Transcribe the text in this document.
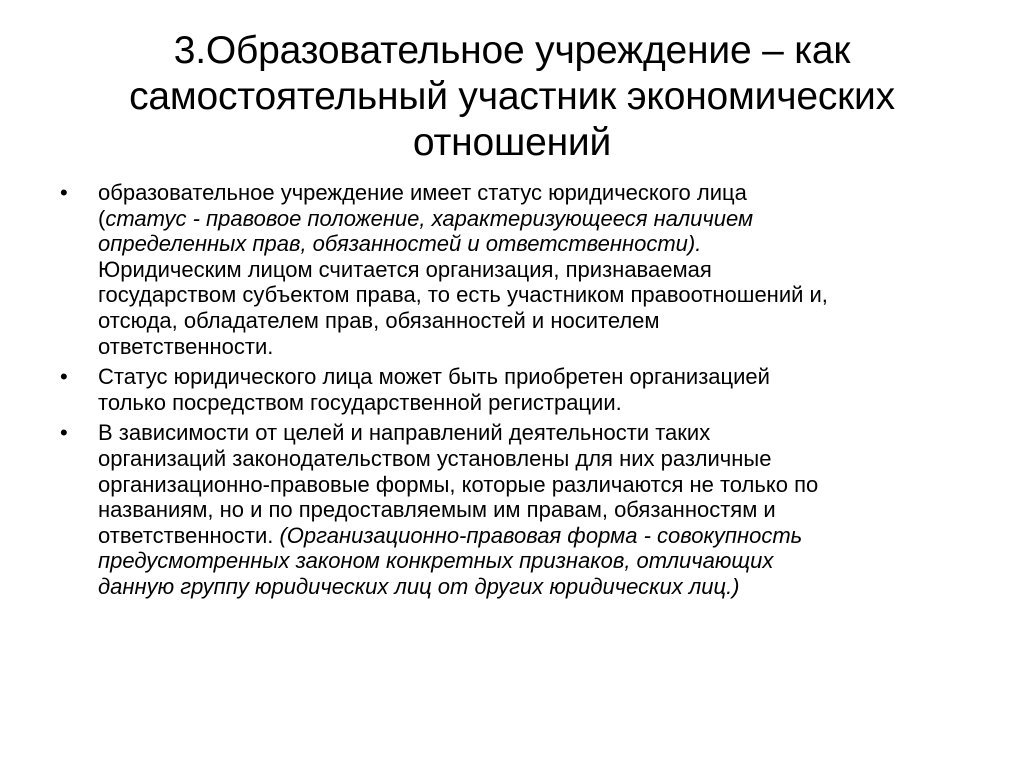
3.Образовательное учреждение – как
самостоятельный участник экономических
отношений
• образовательное учреждение имеет статус юридического лица
(статус - правовое положение, характеризующееся наличием
определенных прав, обязанностей и ответственности).
Юридическим лицом считается организация, признаваемая
государством субъектом права, то есть участником правоотношений и,
отсюда, обладателем прав, обязанностей и носителем
ответственности.
• Статус юридического лица может быть приобретен организацией
только посредством государственной регистрации.
• В зависимости от целей и направлений деятельности таких
организаций законодательством установлены для них различные
организационно-правовые формы, которые различаются не только по
названиям, но и по предоставляемым им правам, обязанностям и
ответственности. (Организационно-правовая форма - совокупность
предусмотренных законом конкретных признаков, отличающих
данную группу юридических лиц от других юридических лиц.)
